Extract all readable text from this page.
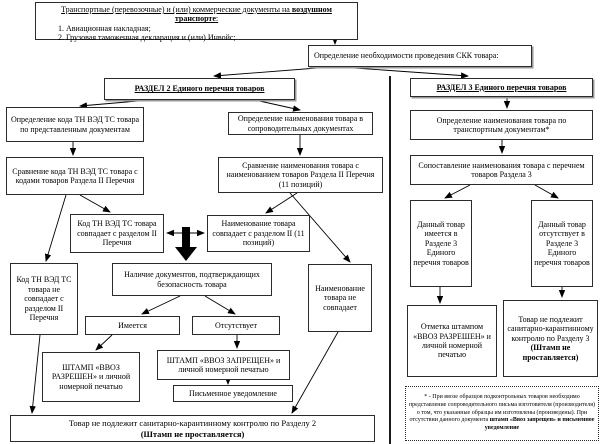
Транспортные (перевозочные) и (или) коммерческие документы на воздушном транспорте:
1. Авиационная накладная;
2. Грузовая таможенная декларация и (или) Инвойс;
Определение необходимости проведения СКК товара:
РАЗДЕЛ 2 Единого перечня товаров	РАЗДЕЛ 3 Единого перечня товаров
Определение кода ТН ВЭД ТС товара по представленным документам
Определение наименования товара в сопроводительных документах
Сравнение кода ТН ВЭД ТС товара с кодами товаров Раздела II Перечня
Сравнение наименования товара с наименованием товаров Раздела II Перечня (11 позиций)
Код ТН ВЭД ТС товара совпадает с разделом II Перечня
Наименование товара совпадает с разделом II (11 позиций)
Код ТН ВЭД ТС товара не совпадает с разделом II Перечня
Наименование товара не совпадает
Наличие документов, подтверждающих безопасность товара
Имеется	Отсутствует
ШТАМП «ВВОЗ РАЗРЕШЕН» и личной номерной печатью
ШТАМП «ВВОЗ ЗАПРЕЩЕН» и личной номерной печатью
Письменное уведомление
Товар не подлежит санитарно-карантинному контролю по Разделу 2
(Штамп не проставляется)
Определение наименования товара по транспортным документам*
Сопоставление наименования товара с перечнем товаров Раздела 3
Данный товар имеется в Разделе 3 Единого перечня товаров
Данный товар отсутствует в Разделе 3 Единого перечня товаров
Отметка штампом «ВВОЗ РАЗРЕШЕН» и личной номерной печатью
Товар не подлежит санитарно-карантинному контролю по Разделу 3 (Штамп не проставляется)
* - При ввозе образцов подконтрольных товаров необходимо представление сопроводительного письма изготовителя (производителя) о том, что указанные образцы им изготовлены (произведены). При отсутствии данного документа штамп «Ввоз запрещен» и письменное уведомление
